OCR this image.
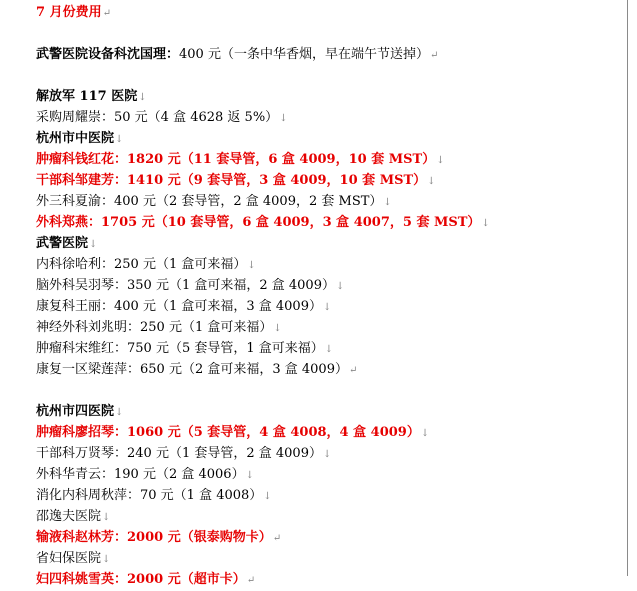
7 月份费用↵
武警医院设备科沈国理：400 元（一条中华香烟，早在端午节送掉）↵
解放军 117 医院↓
采购周耀崇：50 元（4 盒 4628 返 5%）↓
杭州市中医院↓
肿瘤科钱红花：1820 元（11 套导管，6 盒 4009，10 套 MST）↓
干部科邹建芳：1410 元（9 套导管，3 盒 4009，10 套 MST）↓
外三科夏渝：400 元（2 套导管，2 盒 4009，2 套 MST）↓
外科郑燕：1705 元（10 套导管，6 盒 4009，3 盒 4007，5 套 MST）↓
武警医院↓
内科徐哈利：250 元（1 盒可来福）↓
脑外科吴羽琴：350 元（1 盒可来福，2 盒 4009）↓
康复科王丽：400 元（1 盒可来福，3 盒 4009）↓
神经外科刘兆明：250 元（1 盒可来福）↓
肿瘤科宋维红：750 元（5 套导管，1 盒可来福）↓
康复一区梁莲萍：650 元（2 盒可来福，3 盒 4009）↵
杭州市四医院↓
肿瘤科廖招琴：1060 元（5 套导管，4 盒 4008，4 盒 4009）↓
干部科万贤琴：240 元（1 套导管，2 盒 4009）↓
外科华青云：190 元（2 盒 4006）↓
消化内科周秋萍：70 元（1 盒 4008）↓
邵逸夫医院↓
输液科赵林芳：2000 元（银泰购物卡）↵
省妇保医院↓
妇四科姚雪英：2000 元（超市卡）↵
